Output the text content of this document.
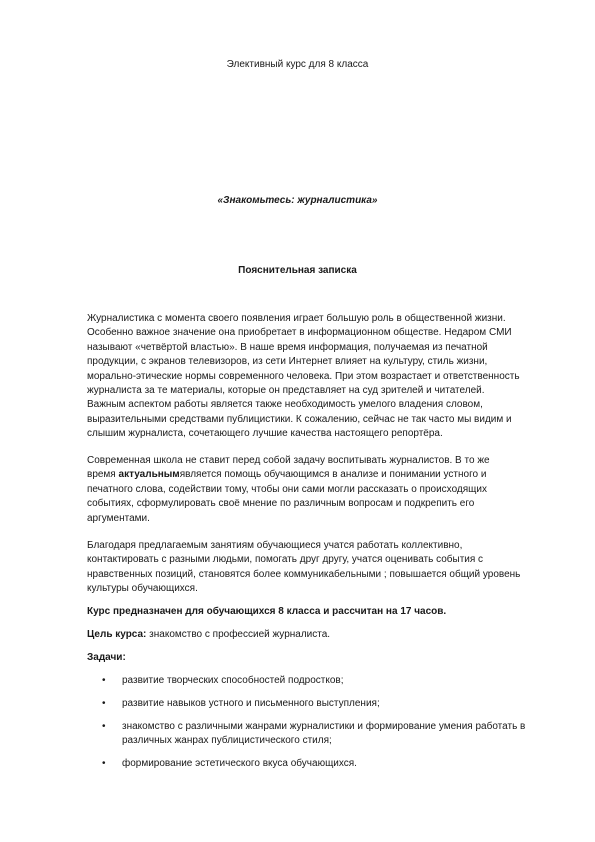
Элективный курс для 8 класса
«Знакомьтесь: журналистика»
Пояснительная записка
Журналистика с момента своего появления играет большую роль в общественной жизни.
Особенно важное значение она приобретает в информационном обществе. Недаром СМИ
называют «четвёртой властью». В наше время информация, получаемая из печатной
продукции, с экранов телевизоров, из сети Интернет влияет на культуру, стиль жизни,
морально-этические нормы современного человека. При этом возрастает и ответственность
журналиста за те материалы, которые он представляет на суд зрителей и читателей.
Важным аспектом работы является также необходимость умелого владения словом,
выразительными средствами публицистики. К сожалению, сейчас не так часто мы видим и
слышим журналиста, сочетающего лучшие качества настоящего репортёра.
Современная школа не ставит перед собой задачу воспитывать журналистов. В то же
время актуальнымявляется помощь обучающимся в анализе и понимании устного и
печатного слова, содействии тому, чтобы они сами могли рассказать о происходящих
событиях, сформулировать своё мнение по различным вопросам и подкрепить его
аргументами.
Благодаря предлагаемым занятиям обучающиеся учатся работать коллективно,
контактировать с разными людьми, помогать друг другу, учатся оценивать события с
нравственных позиций, становятся более коммуникабельными ; повышается общий уровень
культуры обучающихся.
Курс предназначен для обучающихся 8 класса и рассчитан на 17 часов.
Цель курса: знакомство с профессией журналиста.
Задачи:
• развитие творческих способностей подростков;
• развитие навыков устного и письменного выступления;
• знакомство с различными жанрами журналистики и формирование умения работать в
различных жанрах публицистического стиля;
• формирование эстетического вкуса обучающихся.
